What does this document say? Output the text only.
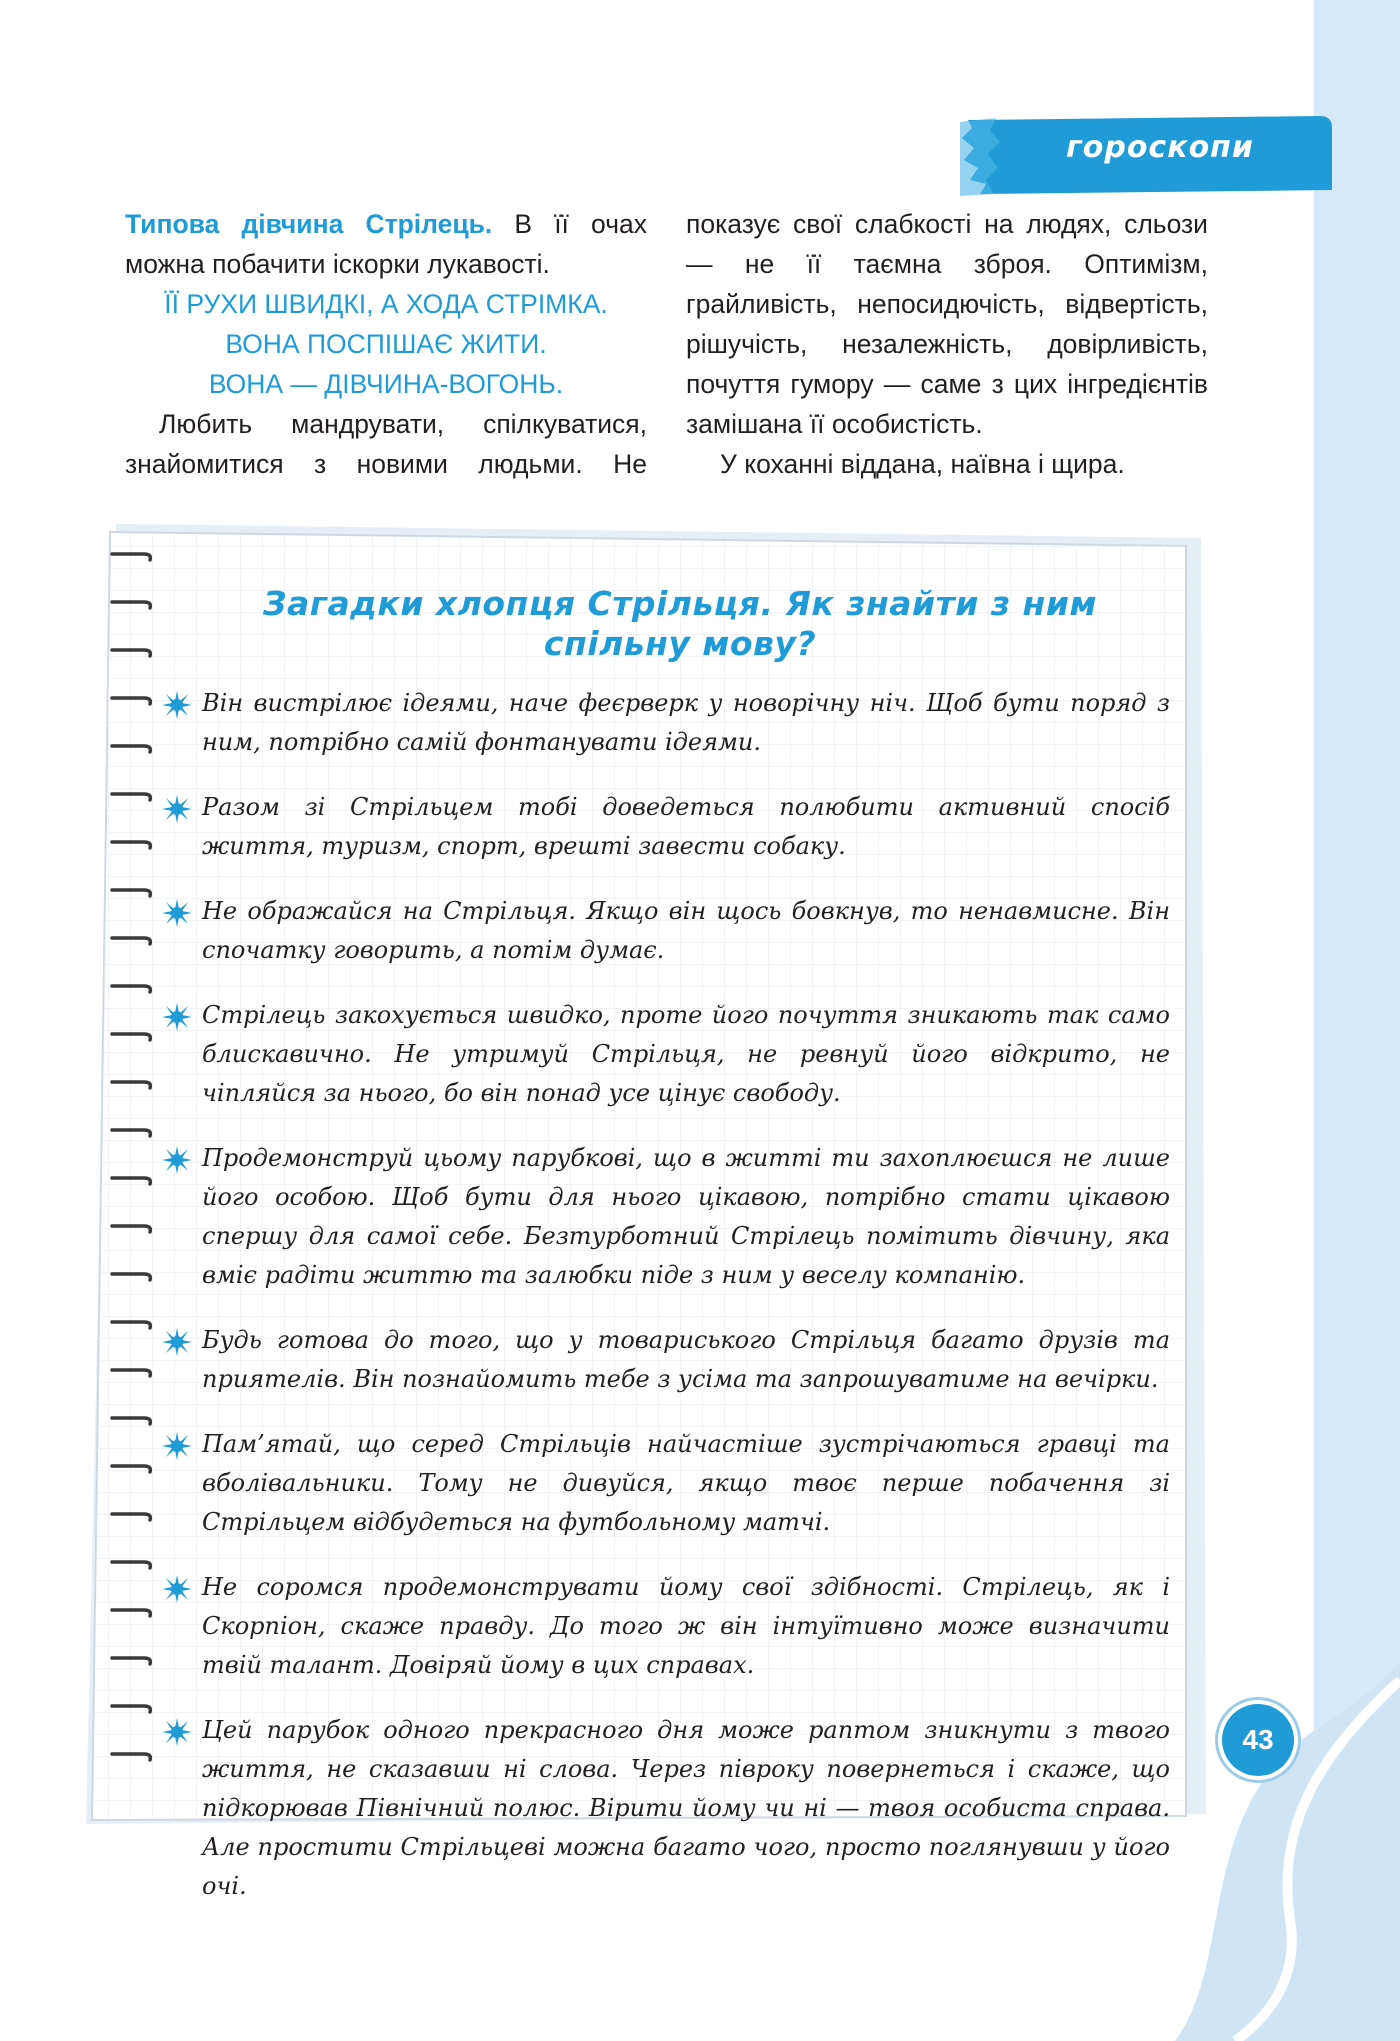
гороскопи

Типова дівчина Стрілець. В її очах можна побачити іскорки лукавості.

ЇЇ РУХИ ШВИДКІ, А ХОДА СТРІМКА.

ВОНА ПОСПІШАЄ ЖИТИ.

ВОНА — ДІВЧИНА-ВОГОНЬ.

Любить мандрувати, спілкуватися, знайомитися з новими людьми. Не

показує свої слабкості на людях, сльози — не її таємна зброя. Оптимізм, грайливість, непосидючість, відвертість, рішучість, незалежність, довірливість, почуття гумору — саме з цих інгредієнтів замішана її особистість.

У коханні віддана, наївна і щира.

Загадки хлопця Стрільця. Як знайти з ним спільну мову?
Він вистрілює ідеями, наче феєрверк у новорічну ніч. Щоб бути поряд з ним, потрібно самій фонтанувати ідеями.
Разом зі Стрільцем тобі доведеться полюбити активний спосіб життя, туризм, спорт, врешті завести собаку.
Не ображайся на Стрільця. Якщо він щось бовкнув, то ненавмисне. Він спочатку говорить, а потім думає.
Стрілець закохується швидко, проте його почуття зникають так само блискавично. Не утримуй Стрільця, не ревнуй його відкрито, не чіпляйся за нього, бо він понад усе цінує свободу.
Продемонструй цьому парубкові, що в житті ти захоплюєшся не лише його особою. Щоб бути для нього цікавою, потрібно стати цікавою спершу для самої себе. Безтурботний Стрілець помітить дівчину, яка вміє радіти життю та залюбки піде з ним у веселу компанію.
Будь готова до того, що у товариського Стрільця багато друзів та приятелів. Він познайомить тебе з усіма та запрошуватиме на вечірки.
Пам’ятай, що серед Стрільців найчастіше зустрічаються гравці та вболівальники. Тому не дивуйся, якщо твоє перше побачення зі Стрільцем відбудеться на футбольному матчі.
Не соромся продемонструвати йому свої здібності. Стрілець, як і Скорпіон, скаже правду. До того ж він інтуїтивно може визначити твій талант. Довіряй йому в цих справах.
Цей парубок одного прекрасного дня може раптом зникнути з твого життя, не сказавши ні слова. Через півроку повернеться і скаже, що підкорював Північний полюс. Вірити йому чи ні — твоя особиста справа. Але простити Стрільцеві можна багато чого, просто поглянувши у його очі.
43
